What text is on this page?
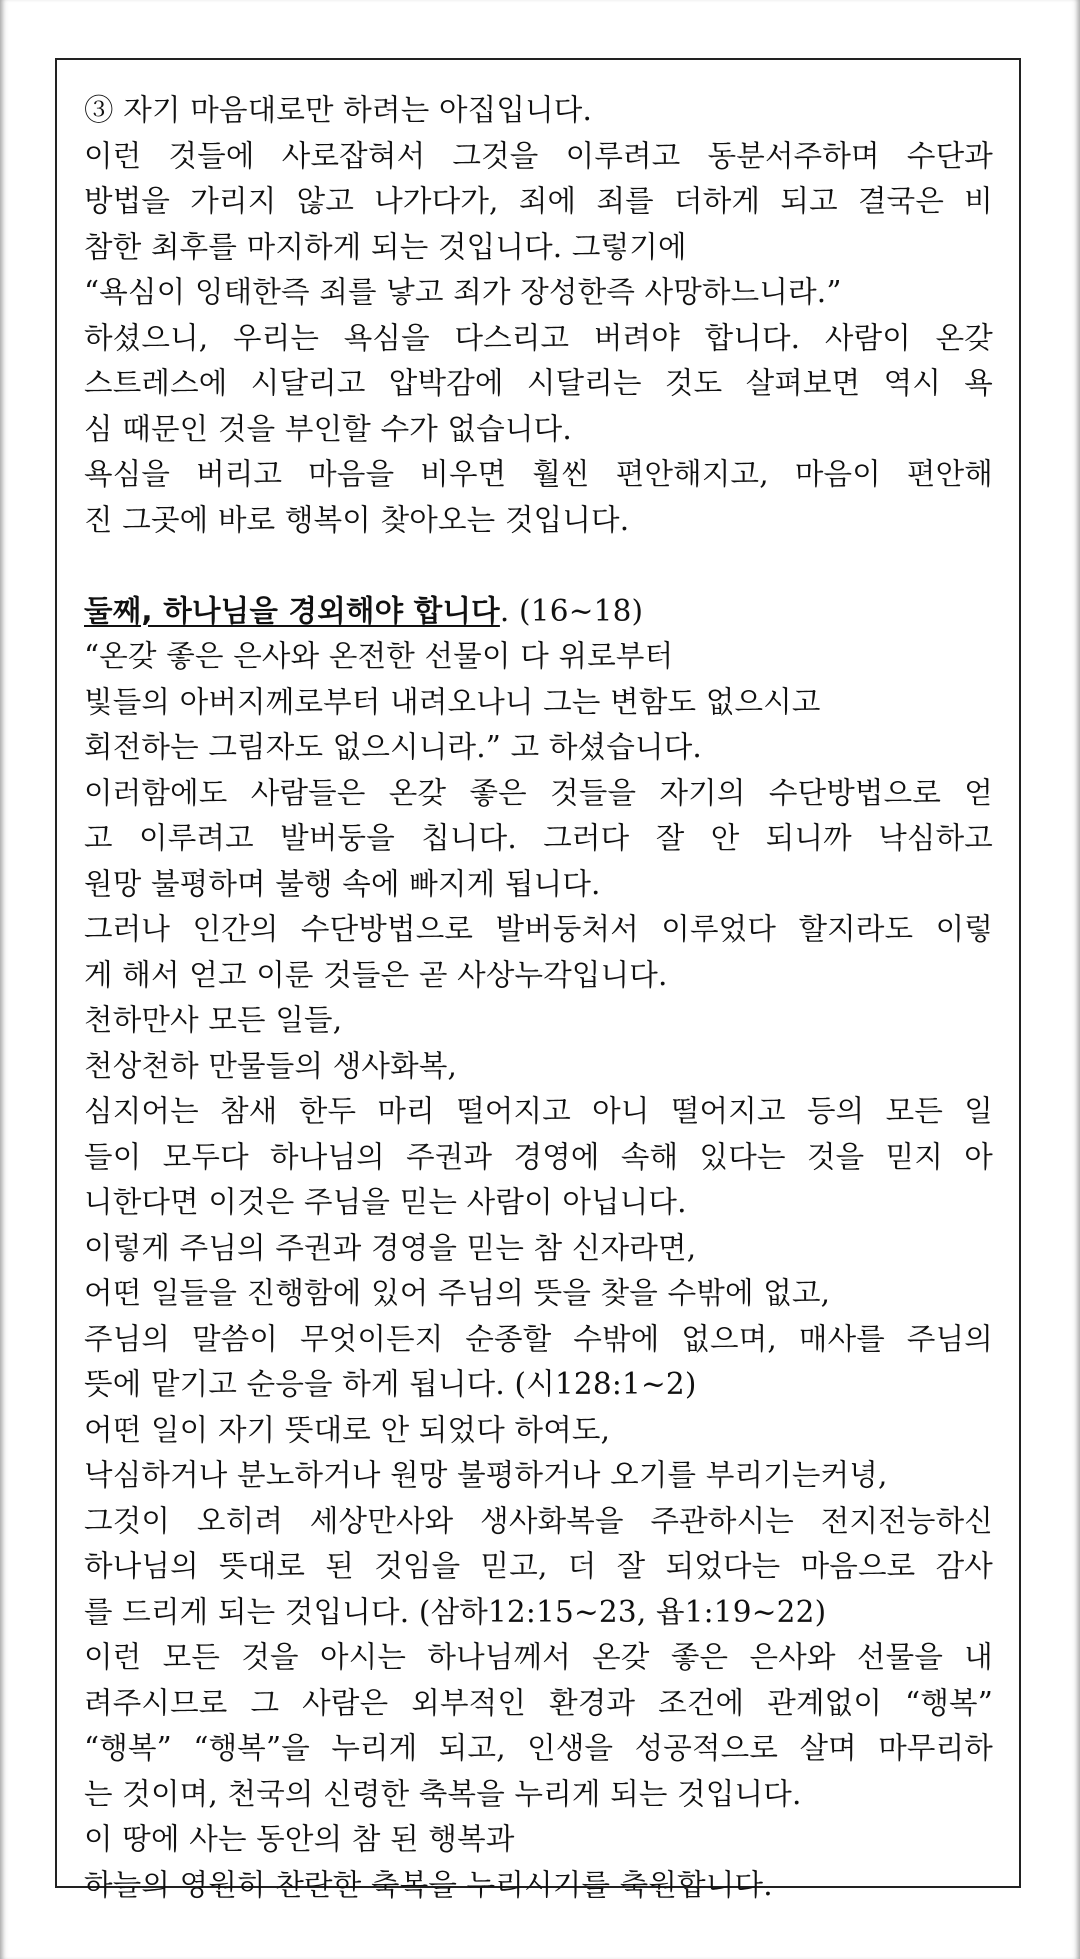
③ 자기 마음대로만 하려는 아집입니다.
이런 것들에 사로잡혀서 그것을 이루려고 동분서주하며 수단과
방법을 가리지 않고 나가다가, 죄에 죄를 더하게 되고 결국은 비
참한 최후를 마지하게 되는 것입니다. 그렇기에
“욕심이 잉태한즉 죄를 낳고 죄가 장성한즉 사망하느니라.”
하셨으니, 우리는 욕심을 다스리고 버려야 합니다. 사람이 온갖
스트레스에 시달리고 압박감에 시달리는 것도 살펴보면 역시 욕
심 때문인 것을 부인할 수가 없습니다.
욕심을 버리고 마음을 비우면 훨씬 편안해지고, 마음이 편안해
진 그곳에 바로 행복이 찾아오는 것입니다.
둘째, 하나님을 경외해야 합니다. (16~18)
“온갖 좋은 은사와 온전한 선물이 다 위로부터
빛들의 아버지께로부터 내려오나니 그는 변함도 없으시고
회전하는 그림자도 없으시니라.” 고 하셨습니다.
이러함에도 사람들은 온갖 좋은 것들을 자기의 수단방법으로 얻
고 이루려고 발버둥을 칩니다. 그러다 잘 안 되니까 낙심하고
원망 불평하며 불행 속에 빠지게 됩니다.
그러나 인간의 수단방법으로 발버둥처서 이루었다 할지라도 이렇
게 해서 얻고 이룬 것들은 곧 사상누각입니다.
천하만사 모든 일들,
천상천하 만물들의 생사화복,
심지어는 참새 한두 마리 떨어지고 아니 떨어지고 등의 모든 일
들이 모두다 하나님의 주권과 경영에 속해 있다는 것을 믿지 아
니한다면 이것은 주님을 믿는 사람이 아닙니다.
이렇게 주님의 주권과 경영을 믿는 참 신자라면,
어떤 일들을 진행함에 있어 주님의 뜻을 찾을 수밖에 없고,
주님의 말씀이 무엇이든지 순종할 수밖에 없으며, 매사를 주님의
뜻에 맡기고 순응을 하게 됩니다. (시128:1~2)
어떤 일이 자기 뜻대로 안 되었다 하여도,
낙심하거나 분노하거나 원망 불평하거나 오기를 부리기는커녕,
그것이 오히려 세상만사와 생사화복을 주관하시는 전지전능하신
하나님의 뜻대로 된 것임을 믿고, 더 잘 되었다는 마음으로 감사
를 드리게 되는 것입니다. (삼하12:15~23, 욥1:19~22)
이런 모든 것을 아시는 하나님께서 온갖 좋은 은사와 선물을 내
려주시므로 그 사람은 외부적인 환경과 조건에 관계없이 “행복”
“행복” “행복”을 누리게 되고, 인생을 성공적으로 살며 마무리하
는 것이며, 천국의 신령한 축복을 누리게 되는 것입니다.
이 땅에 사는 동안의 참 된 행복과
하늘의 영원히 찬란한 축복을 누리시기를 축원합니다.
